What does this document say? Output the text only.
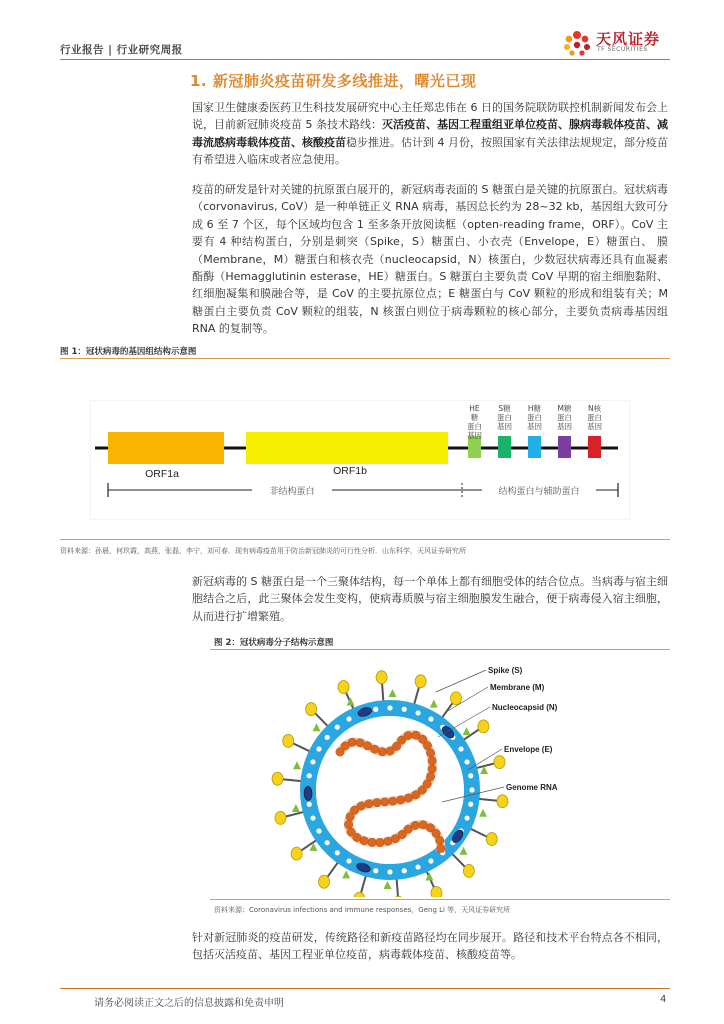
行业报告 | 行业研究周报
天风证券
TF SECURITIES
1. 新冠肺炎疫苗研发多线推进，曙光已现
国家卫生健康委医药卫生科技发展研究中心主任郑忠伟在 6 日的国务院联防联控机制新闻发布会上说，目前新冠肺炎疫苗 5 条技术路线：灭活疫苗、基因工程重组亚单位疫苗、腺病毒载体疫苗、减毒流感病毒载体疫苗、核酸疫苗稳步推进。估计到 4 月份，按照国家有关法律法规规定，部分疫苗有希望进入临床或者应急使用。
疫苗的研发是针对关键的抗原蛋白展开的，新冠病毒表面的 S 糖蛋白是关键的抗原蛋白。冠状病毒（corvonavirus, CoV）是一种单链正义 RNA 病毒，基因总长约为 28~32 kb，基因组大致可分成 6 至 7 个区，每个区域均包含 1 至多条开放阅读框（opten-reading frame，ORF）。CoV 主要有 4 种结构蛋白，分别是刺突（Spike，S）糖蛋白、小衣壳（Envelope，E）糖蛋白、 膜（Membrane，M）糖蛋白和核衣壳（nucleocapsid，N）核蛋白，少数冠状病毒还具有血凝素酯酶（Hemagglutinin esterase，HE）糖蛋白。S 糖蛋白主要负责 CoV 早期的宿主细胞黏附、红细胞凝集和膜融合等，是 CoV 的主要抗原位点；E 糖蛋白与 CoV 颗粒的形成和组装有关；M 糖蛋白主要负责 CoV 颗粒的组装，N 核蛋白则位于病毒颗粒的核心部分，主要负责病毒基因组 RNA 的复制等。
图 1：冠状病毒的基因组结构示意图
ORF1a	ORF1b
HE
糖
蛋白
基因
S糖
蛋白
基因
H糖
蛋白
基因
M糖
蛋白
基因
N核
蛋白
基因
非结构蛋白	结构蛋白与辅助蛋白
资料来源：孙晨，何玖霞，高燕，张磊，李宁，刘可春．现有病毒疫苗用于防治新冠肺炎的可行性分析．山东科学，天风证券研究所
新冠病毒的 S 糖蛋白是一个三聚体结构，每一个单体上都有细胞受体的结合位点。当病毒与宿主细胞结合之后，此三聚体会发生变构，使病毒质膜与宿主细胞膜发生融合，便于病毒侵入宿主细胞，从而进行扩增繁殖。
图 2：冠状病毒分子结构示意图
Spike (S)
Membrane (M)
Nucleocapsid (N)
Envelope (E)
Genome RNA
资料来源：Coronavirus infections and immune responses，Geng Li 等，天风证券研究所
针对新冠肺炎的疫苗研发，传统路径和新疫苗路径均在同步展开。路径和技术平台特点各不相同，包括灭活疫苗、基因工程亚单位疫苗，病毒载体疫苗、核酸疫苗等。
请务必阅读正文之后的信息披露和免责申明	4
